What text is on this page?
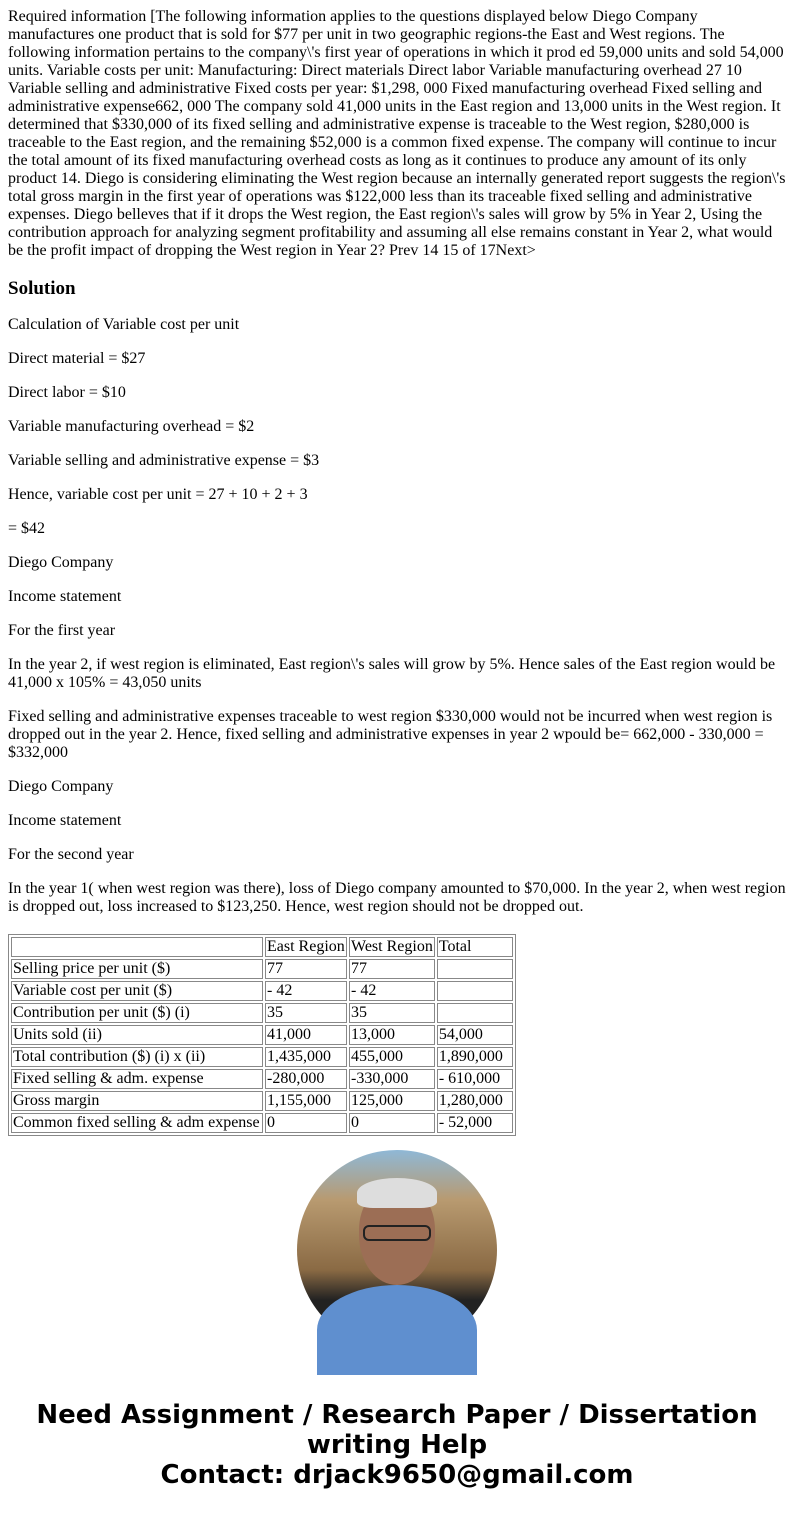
Required information [The following information applies to the questions displayed below Diego Company manufactures one product that is sold for $77 per unit in two geographic regions-the East and West regions. The following information pertains to the company\'s first year of operations in which it prod ed 59,000 units and sold 54,000 units. Variable costs per unit: Manufacturing: Direct materials Direct labor Variable manufacturing overhead 27 10 Variable selling and administrative Fixed costs per year: $1,298, 000 Fixed manufacturing overhead Fixed selling and administrative expense662, 000 The company sold 41,000 units in the East region and 13,000 units in the West region. It determined that $330,000 of its fixed selling and administrative expense is traceable to the West region, $280,000 is traceable to the East region, and the remaining $52,000 is a common fixed expense. The company will continue to incur the total amount of its fixed manufacturing overhead costs as long as it continues to produce any amount of its only product 14. Diego is considering eliminating the West region because an internally generated report suggests the region\'s total gross margin in the first year of operations was $122,000 less than its traceable fixed selling and administrative expenses. Diego belleves that if it drops the West region, the East region\'s sales will grow by 5% in Year 2, Using the contribution approach for analyzing segment profitability and assuming all else remains constant in Year 2, what would be the profit impact of dropping the West region in Year 2? Prev 14 15 of 17Next>

Solution

Calculation of Variable cost per unit

Direct material = $27

Direct labor = $10

Variable manufacturing overhead = $2

Variable selling and administrative expense = $3

Hence, variable cost per unit = 27 + 10 + 2 + 3

= $42

Diego Company

Income statement

For the first year

In the year 2, if west region is eliminated, East region\'s sales will grow by 5%. Hence sales of the East region would be 41,000 x 105% = 43,050 units

Fixed selling and administrative expenses traceable to west region $330,000 would not be incurred when west region is dropped out in the year 2. Hence, fixed selling and administrative expenses in year 2 wpould be= 662,000 - 330,000 = $332,000

Diego Company

Income statement

For the second year

In the year 1( when west region was there), loss of Diego company amounted to $70,000. In the year 2, when west region is dropped out, loss increased to $123,250. Hence, west region should not be dropped out.

	East Region	West Region	Total
Selling price per unit ($)	77	77	
Variable cost per unit ($)	- 42	- 42	
Contribution per unit ($) (i)	35	35	
Units sold (ii)	41,000	13,000	54,000
Total contribution ($) (i) x (ii)	1,435,000	455,000	1,890,000
Fixed selling & adm. expense	-280,000	-330,000	- 610,000
Gross margin	1,155,000	125,000	1,280,000
Common fixed selling & adm expense	0	0	- 52,000
Need Assignment / Research Paper / Dissertation writing Help
Contact: drjack9650@gmail.com
